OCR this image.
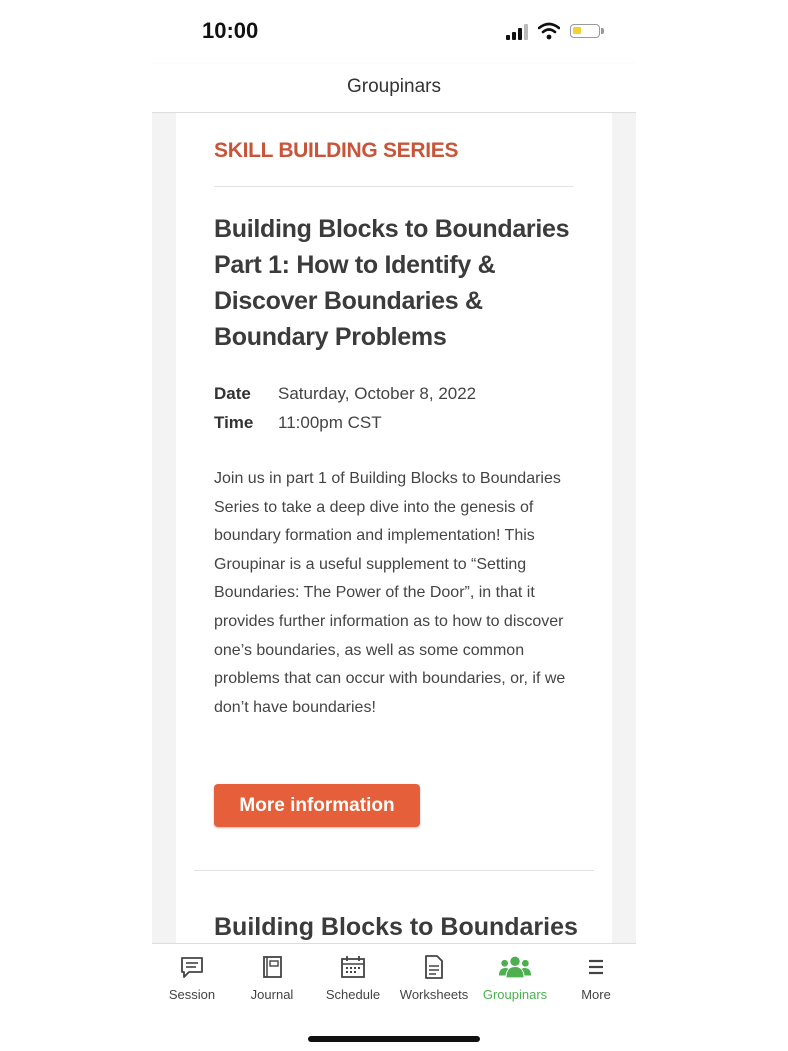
10:00
Groupinars
SKILL BUILDING SERIES
Building Blocks to Boundaries Part 1: How to Identify & Discover Boundaries & Boundary Problems
Date	Saturday, October 8, 2022
Time	11:00pm CST
Join us in part 1 of Building Blocks to Boundaries Series to take a deep dive into the genesis of boundary formation and implementation! This Groupinar is a useful supplement to “Setting Boundaries: The Power of the Door”, in that it provides further information as to how to discover one’s boundaries, as well as some common problems that can occur with boundaries, or, if we don’t have boundaries!
More information
Building Blocks to Boundaries
Session	Journal	Schedule	Worksheets	Groupinars	More
